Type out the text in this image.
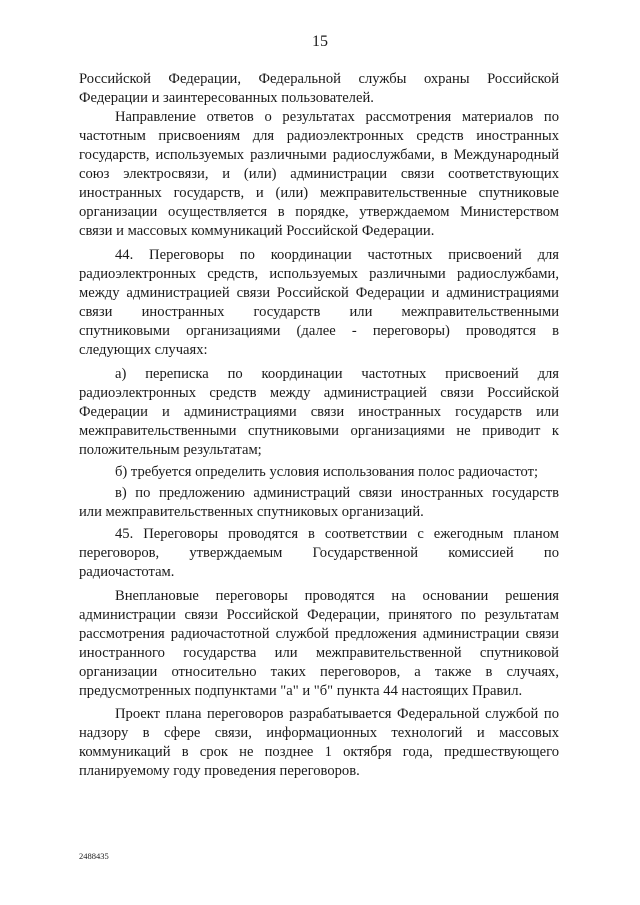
15
Российской Федерации, Федеральной службы охраны Российской
Федерации и заинтересованных пользователей.
Направление ответов о результатах рассмотрения материалов по
частотным присвоениям для радиоэлектронных средств иностранных
государств, используемых различными радиослужбами, в Международный
союз электросвязи, и (или) администрации связи соответствующих
иностранных государств, и (или) межправительственные спутниковые
организации осуществляется в порядке, утверждаемом Министерством
связи и массовых коммуникаций Российской Федерации.
44. Переговоры по координации частотных присвоений для
радиоэлектронных средств, используемых различными радиослужбами,
между администрацией связи Российской Федерации и администрациями
связи иностранных государств или межправительственными
спутниковыми организациями (далее - переговоры) проводятся в
следующих случаях:
а) переписка по координации частотных присвоений для
радиоэлектронных средств между администрацией связи Российской
Федерации и администрациями связи иностранных государств или
межправительственными спутниковыми организациями не приводит к
положительным результатам;
б) требуется определить условия использования полос радиочастот;
в) по предложению администраций связи иностранных государств
или межправительственных спутниковых организаций.
45. Переговоры проводятся в соответствии с ежегодным планом
переговоров, утверждаемым Государственной комиссией по
радиочастотам.
Внеплановые переговоры проводятся на основании решения
администрации связи Российской Федерации, принятого по результатам
рассмотрения радиочастотной службой предложения администрации связи
иностранного государства или межправительственной спутниковой
организации относительно таких переговоров, а также в случаях,
предусмотренных подпунктами "а" и "б" пункта 44 настоящих Правил.
Проект плана переговоров разрабатывается Федеральной службой по
надзору в сфере связи, информационных технологий и массовых
коммуникаций в срок не позднее 1 октября года, предшествующего
планируемому году проведения переговоров.
2488435
